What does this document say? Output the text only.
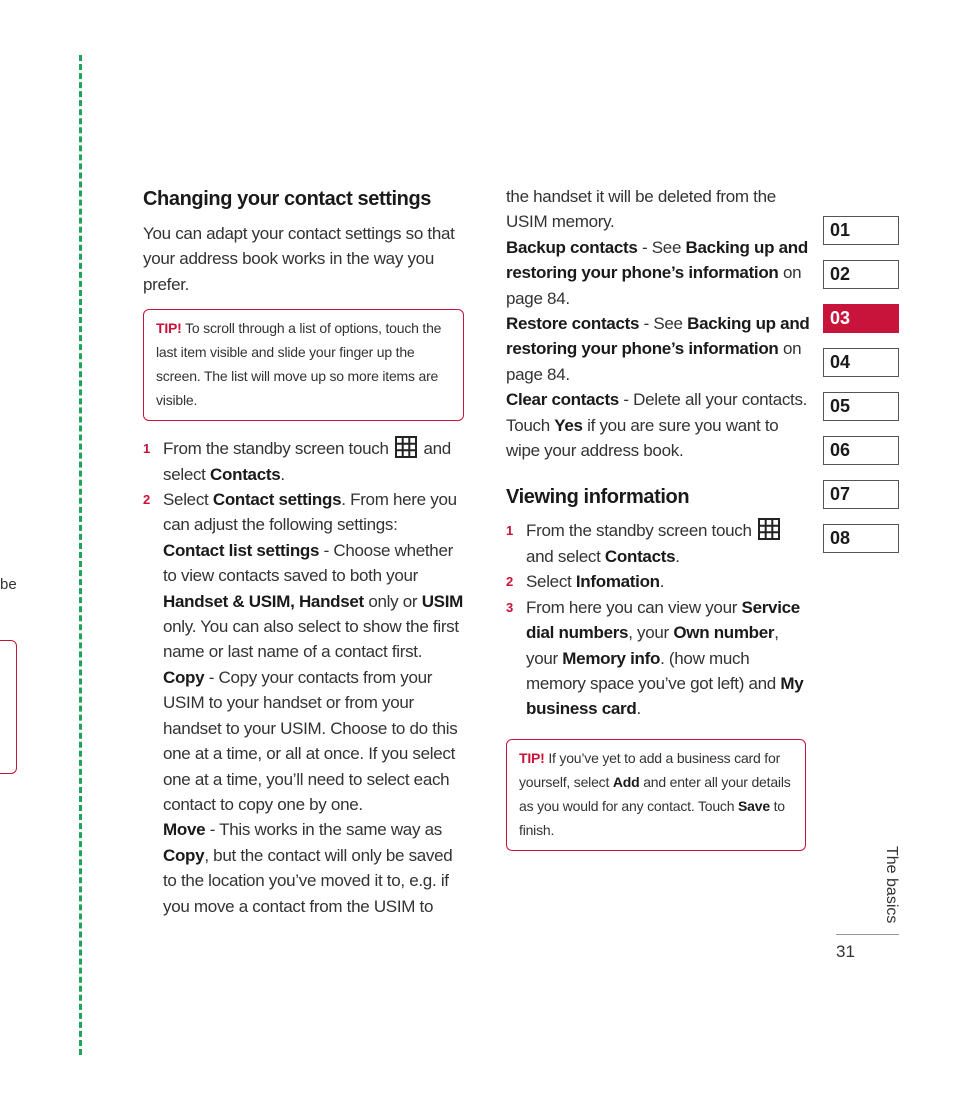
be
Changing your contact settings

You can adapt your contact settings so that your address book works in the way you prefer.

TIP! To scroll through a list of options, touch the last item visible and slide your finger up the screen. The list will move up so more items are visible.
1 From the standby screen touch  and select Contacts.
2 Select Contact settings. From here you can adjust the following settings:
Contact list settings - Choose whether to view contacts saved to both your Handset & USIM, Handset only or USIM only. You can also select to show the first name or last name of a contact first.
Copy - Copy your contacts from your USIM to your handset or from your handset to your USIM. Choose to do this one at a time, or all at once. If you select one at a time, you’ll need to select each contact to copy one by one.
Move - This works in the same way as Copy, but the contact will only be saved to the location you’ve moved it to, e.g. if you move a contact from the USIM to

the handset it will be deleted from the USIM memory.

Backup contacts - See Backing up and restoring your phone’s information on page 84.

Restore contacts - See Backing up and restoring your phone’s information on page 84.

Clear contacts - Delete all your contacts. Touch Yes if you are sure you want to wipe your address book.

Viewing information
1 From the standby screen touch  and select Contacts.
2 Select Infomation.
3 From here you can view your Service dial numbers, your Own number, your Memory info. (how much memory space you’ve got left) and My business card.
TIP! If you’ve yet to add a business card for yourself, select Add and enter all your details as you would for any contact. Touch Save to finish.
01
02
03
04
05
06
07
08
The basics
31
